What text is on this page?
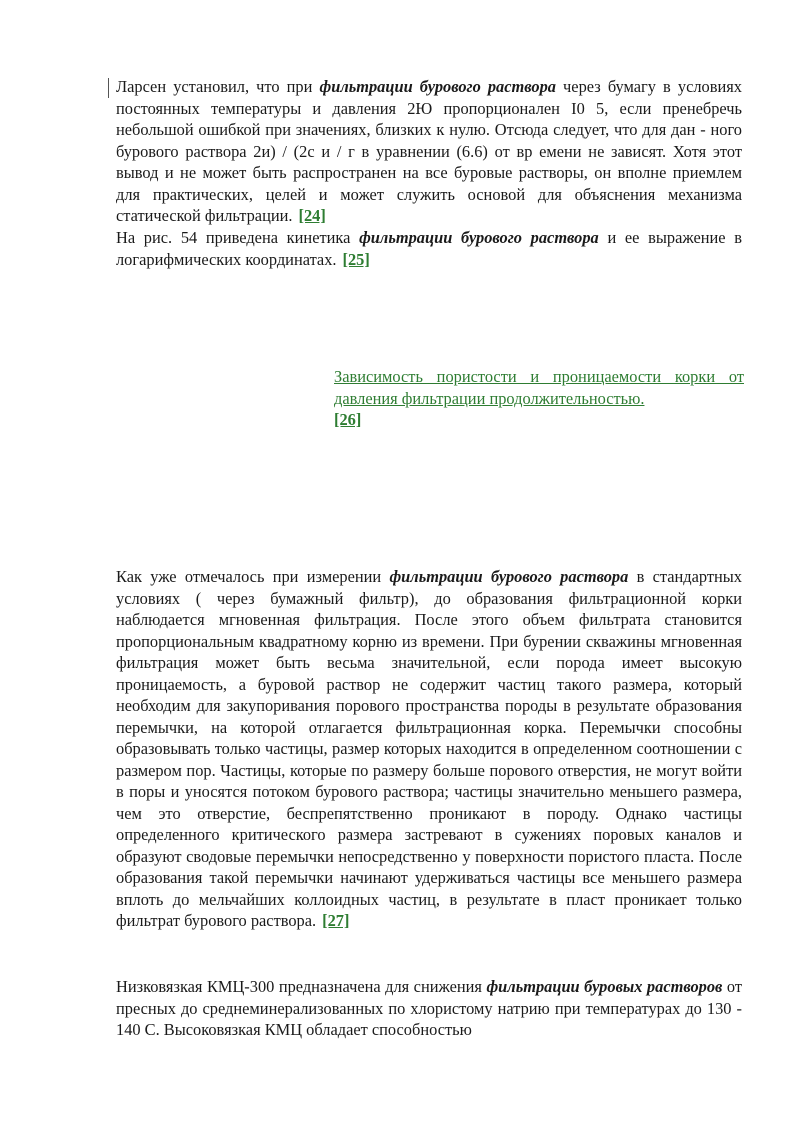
Ларсен установил, что при фильтрации бурового раствора через бумагу в условиях постоянных температуры и давления 2Ю пропорционален I0 5, если пренебречь небольшой ошибкой при значениях, близких к нулю. Отсюда следует, что для дан - ного бурового раствора 2и) / (2с и / г в уравнении (6.6) от вр емени не зависят. Хотя этот вывод и не может быть распространен на все буровые растворы, он вполне приемлем для практических, целей и может служить основой для объяснения механизма статической фильтрации. [24]

На рис. 54 приведена кинетика фильтрации бурового раствора и ее выражение в логарифмических координатах. [25]

Зависимость пористости и проницаемости корки от давления фильтрации продолжительностью.
[26]

Как уже отмечалось при измерении фильтрации бурового раствора в стандартных условиях ( через бумажный фильтр), до образования фильтрационной корки наблюдается мгновенная фильтрация. После этого объем фильтрата становится пропорциональным квадратному корню из времени. При бурении скважины мгновенная фильтрация может быть весьма значительной, если порода имеет высокую проницаемость, а буровой раствор не содержит частиц такого размера, который необходим для закупоривания порового пространства породы в результате образования перемычки, на которой отлагается фильтрационная корка. Перемычки способны образовывать только частицы, размер которых находится в определенном соотношении с размером пор. Частицы, которые по размеру больше порового отверстия, не могут войти в поры и уносятся потоком бурового раствора; частицы значительно меньшего размера, чем это отверстие, беспрепятственно проникают в породу. Однако частицы определенного критического размера застревают в сужениях поровых каналов и образуют сводовые перемычки непосредственно у поверхности пористого пласта. После образования такой перемычки начинают удерживаться частицы все меньшего размера вплоть до мельчайших коллоидных частиц, в результате в пласт проникает только фильтрат бурового раствора. [27]

Низковязкая КМЦ-300 предназначена для снижения фильтрации буровых растворов от пресных до среднеминерализованных по хлористому натрию при температурах до 130 - 140 С. Высоковязкая КМЦ обладает способностью
